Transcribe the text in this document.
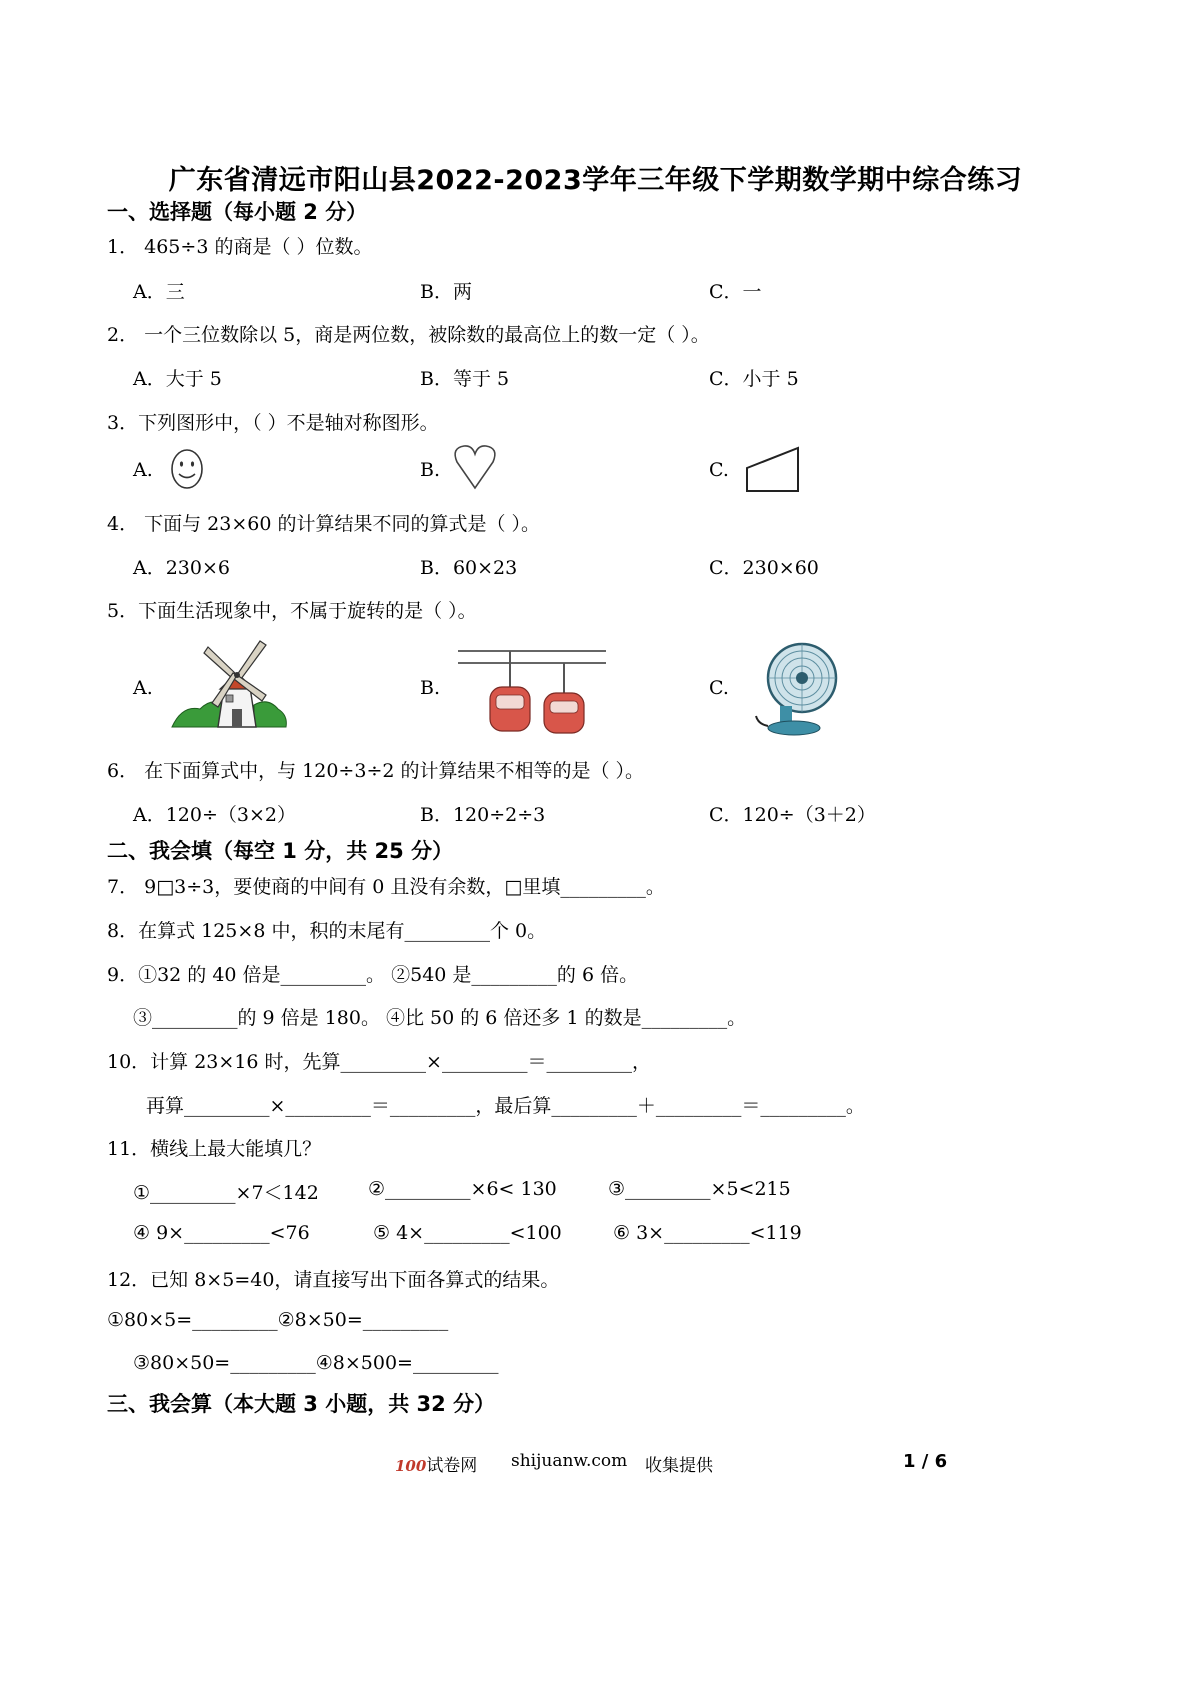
广东省清远市阳山县2022-2023学年三年级下学期数学期中综合练习
一、选择题（每小题 2 分）
1． 465÷3 的商是（ ）位数。
A．三	B．两	C．一
2． 一个三位数除以 5，商是两位数，被除数的最高位上的数一定（ ）。
A．大于 5	B．等于 5	C．小于 5
3．下列图形中，（ ）不是轴对称图形。
A.	B.	C.
4． 下面与 23×60 的计算结果不同的算式是（ ）。
A．230×6	B．60×23	C．230×60
5．下面生活现象中，不属于旋转的是（ ）。
A.	B.	C.
6． 在下面算式中，与 120÷3÷2 的计算结果不相等的是（ ）。
A．120÷（3×2）	B．120÷2÷3	C．120÷（3＋2）
二、我会填（每空 1 分，共 25 分）
7． 9□3÷3，要使商的中间有 0 且没有余数，□里填_________。
8．在算式 125×8 中，积的末尾有_________个 0。
9．①32 的 40 倍是_________。 ②540 是_________的 6 倍。
③_________的 9 倍是 180。 ④比 50 的 6 倍还多 1 的数是_________。
10．计算 23×16 时，先算_________×_________＝_________，
再算_________×_________＝_________，最后算_________＋_________＝_________。
11．横线上最大能填几？
①_________×7＜142	②_________×6< 130	③_________×5<215
④ 9×_________<76	⑤ 4×_________<100	⑥ 3×_________<119
12．已知 8×5=40，请直接写出下面各算式的结果。
①80×5=_________②8×50=_________
③80×50=_________④8×500=_________
三、我会算（本大题 3 小题，共 32 分）
100试卷网 shijuanw.com 收集提供	1 / 6
